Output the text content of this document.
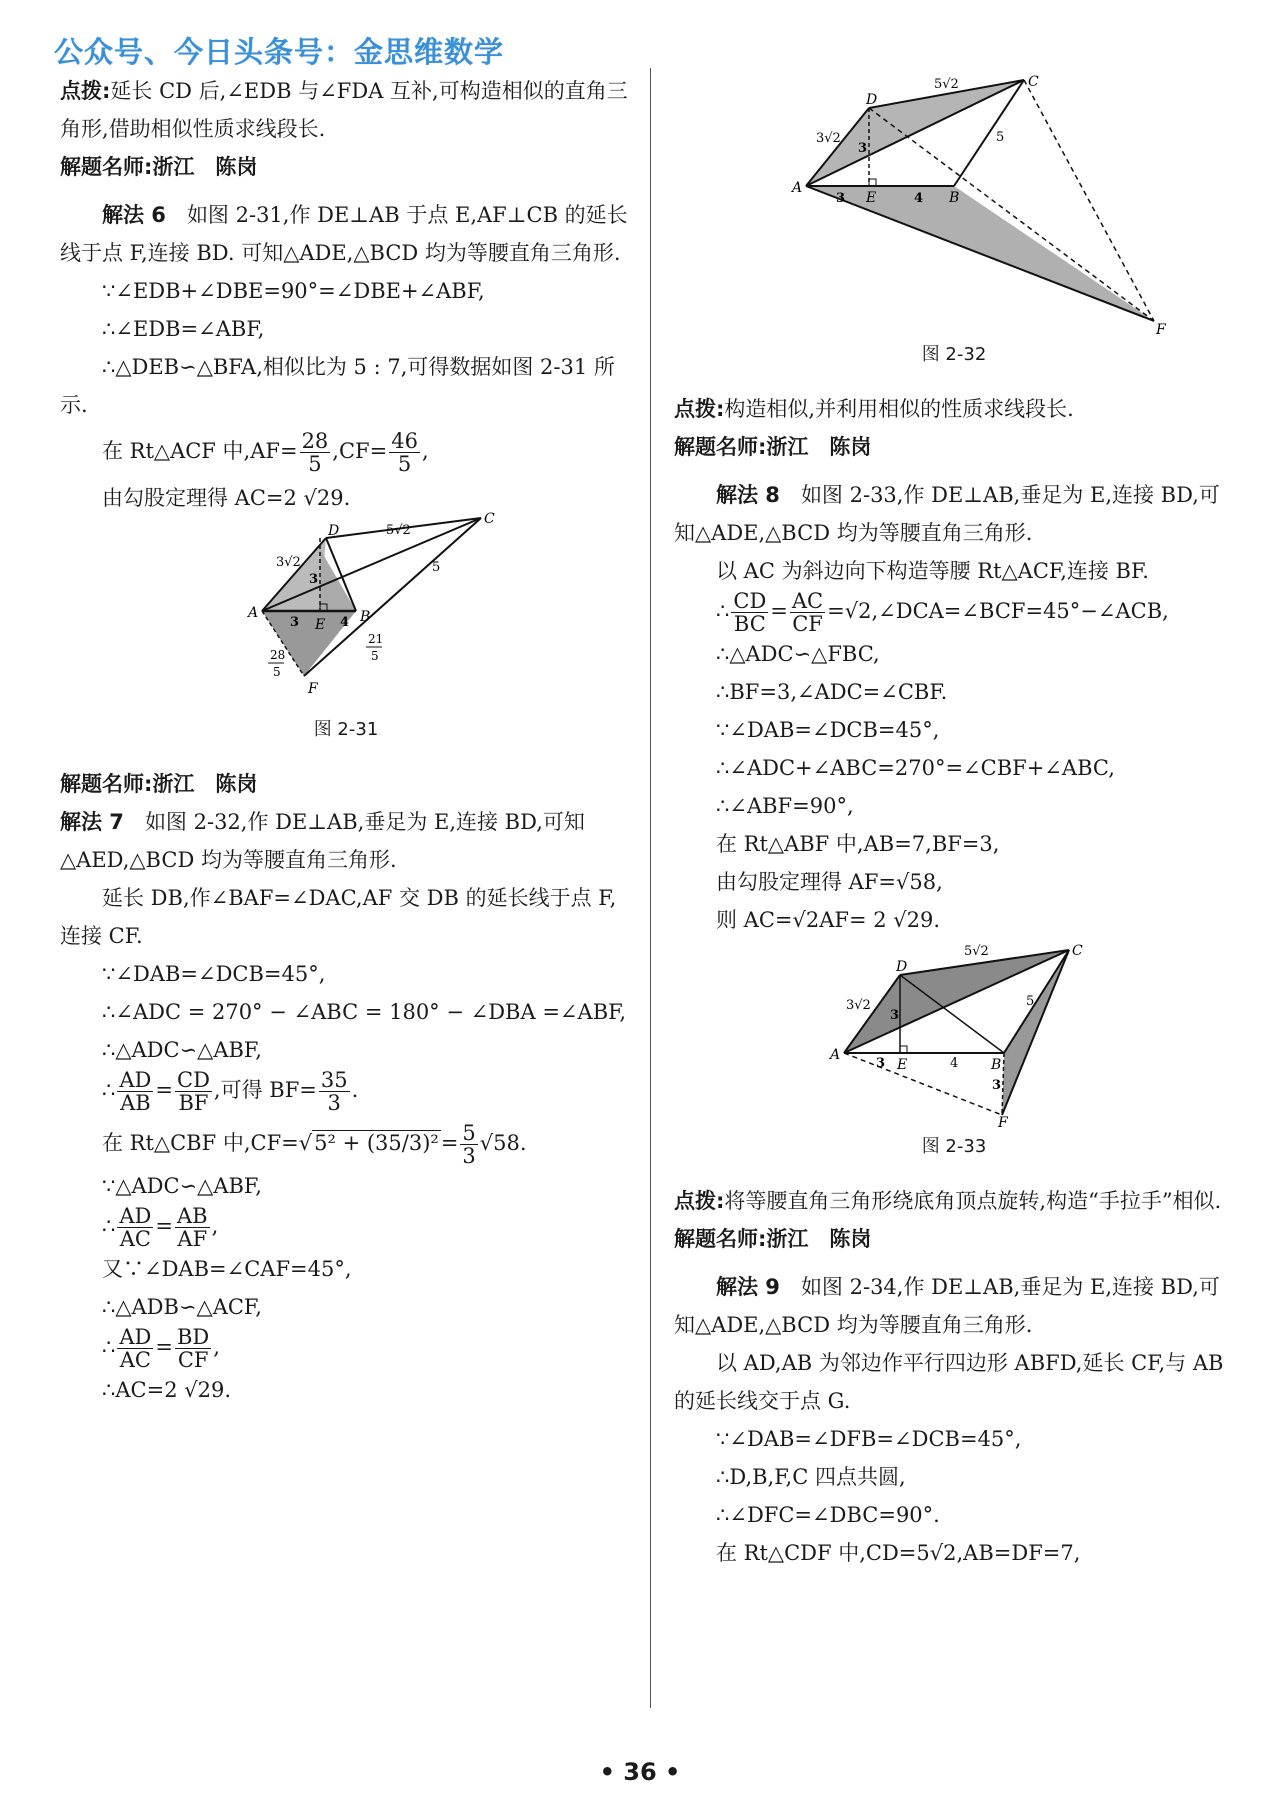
公众号、今日头条号：金思维数学

点拨:延长 CD 后,∠EDB 与∠FDA 互补,可构造相似的直角三角形,借助相似性质求线段长.

解题名师:浙江　陈岗

解法 6　 如图 2-31,作 DE⊥AB 于点 E,AF⊥CB 的延长线于点 F,连接 BD. 可知△ADE,△BCD 均为等腰直角三角形.

∵∠EDB+∠DBE=90°=∠DBE+∠ABF,

∴∠EDB=∠ABF,

∴△DEB∽△BFA,相似比为 5 : 7,可得数据如图 2-31 所示.

在 Rt△ACF 中$,AF= \frac{28}{5} ,CF= \frac{46}{5}$ ,

由勾股定理得 AC=2 √29.

D
C
A
E B
F
5√2
3√2
3
5
3	4
21
5
28
5

图 2-31

解题名师:浙江　陈岗

解法 7　 如图 2-32,作 DE⊥AB,垂足为 E,连接 BD,可知△AED,△BCD 均为等腰直角三角形.

延长 DB,作∠BAF=∠DAC,AF 交 DB 的延长线于点 F,连接 CF.

∵∠DAB=∠DCB=45°,

∴∠ADC = 270° − ∠ABC = 180° − ∠DBA =∠ABF,

∴△ADC∽△ABF,

∴ $\frac{AD}{AB} = \frac{CD}{BF}$ ,可得 $BF= \frac{35}{3}$ .

在 Rt△CBF 中$,CF=√5^2 + (35/3)^2= \frac{5}{3} √58$.

∵△ADC∽△ABF,

∴ $\frac{AD}{AC} = \frac{AB}{AF}$ ,

又∵∠DAB=∠CAF=45°,

∴△ADB∽△ACF,

∴ $\frac{AD}{AC} = \frac{BD}{CF}$ ,

∴AC=2 √29.

D
C
A
E	B
F
5√2
3√2
3
5
3	4

图 2-32

点拨:构造相似,并利用相似的性质求线段长.

解题名师:浙江　陈岗

解法 8　 如图 2-33,作 DE⊥AB,垂足为 E,连接 BD,可知△ADE,△BCD 均为等腰直角三角形.

以 AC 为斜边向下构造等腰 Rt△ACF,连接 BF.

∴ $\frac{CD}{BC} = \frac{AC}{CF}$ =√2,∠DCA=∠BCF=45°−∠ACB,

∴△ADC∽△FBC,

∴BF=3,∠ADC=∠CBF.

∵∠DAB=∠DCB=45°,

∴∠ADC+∠ABC=270°=∠CBF+∠ABC,

∴∠ABF=90°,

在 Rt△ABF 中,AB=7,BF=3,

由勾股定理得 AF=√58,

则 AC=√2AF= 2 √29.

D
C
A
E	B
F
5√2
3√2
3
5
3	4
3

图 2-33

点拨:将等腰直角三角形绕底角顶点旋转,构造“手拉手”相似.

解题名师:浙江　陈岗

解法 9　 如图 2-34,作 DE⊥AB,垂足为 E,连接 BD,可知△ADE,△BCD 均为等腰直角三角形.

以 AD,AB 为邻边作平行四边形 ABFD,延长 CF,与 AB 的延长线交于点 G.

∵∠DAB=∠DFB=∠DCB=45°,

∴D,B,F,C 四点共圆,

∴∠DFC=∠DBC=90°.

在 Rt△CDF 中,CD=5√2,AB=DF=7,

• 36 •
